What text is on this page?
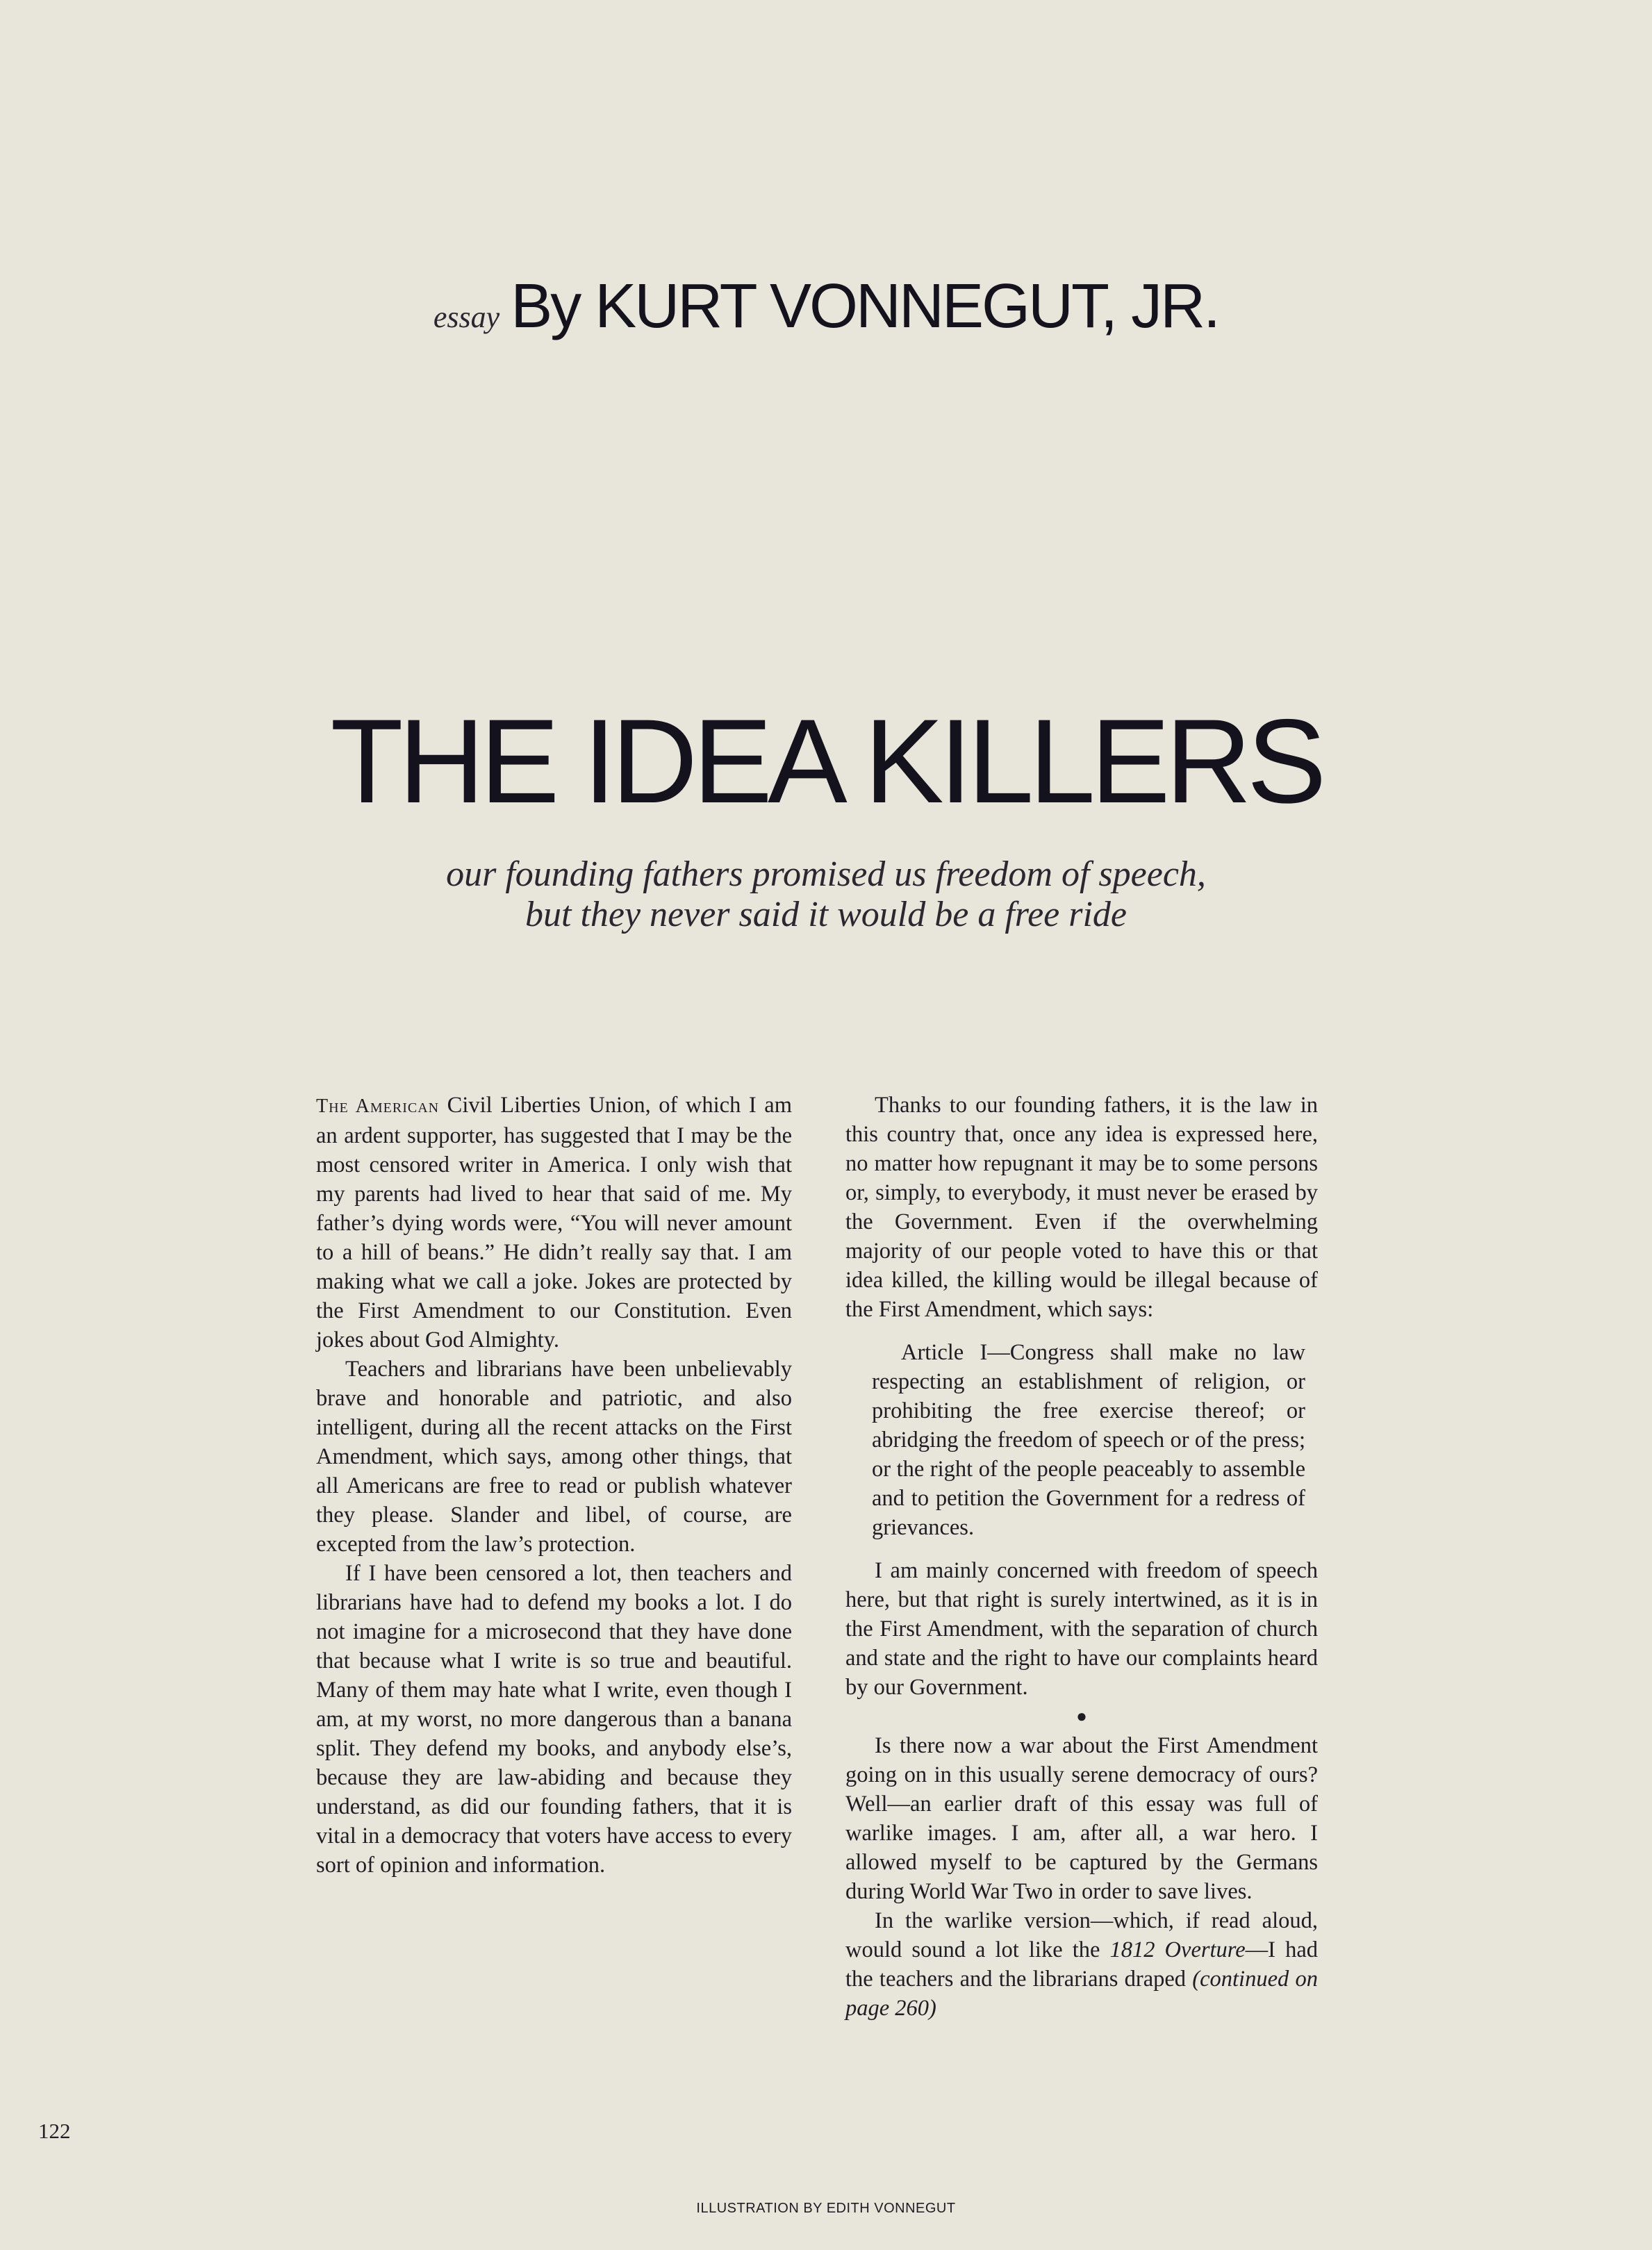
essay By KURT VONNEGUT, JR.
THE IDEA KILLERS
our founding fathers promised us freedom of speech,
but they never said it would be a free ride

The American Civil Liberties Union, of which I am an ardent supporter, has suggested that I may be the most censored writer in America. I only wish that my parents had lived to hear that said of me. My father’s dying words were, “You will never amount to a hill of beans.” He didn’t really say that. I am making what we call a joke. Jokes are protected by the First Amendment to our Constitution. Even jokes about God Almighty.

Teachers and librarians have been unbelievably brave and honorable and patriotic, and also intelligent, during all the recent attacks on the First Amendment, which says, among other things, that all Americans are free to read or publish whatever they please. Slander and libel, of course, are excepted from the law’s protection.

If I have been censored a lot, then teachers and librarians have had to defend my books a lot. I do not imagine for a microsecond that they have done that because what I write is so true and beautiful. Many of them may hate what I write, even though I am, at my worst, no more dangerous than a banana split. They defend my books, and anybody else’s, because they are law-abiding and because they understand, as did our founding fathers, that it is vital in a democracy that voters have access to every sort of opinion and information.

Thanks to our founding fathers, it is the law in this country that, once any idea is expressed here, no matter how repugnant it may be to some persons or, simply, to everybody, it must never be erased by the Government. Even if the overwhelming majority of our people voted to have this or that idea killed, the killing would be illegal because of the First Amendment, which says:

Article I—Congress shall make no law respecting an establishment of religion, or prohibiting the free exercise thereof; or abridging the freedom of speech or of the press; or the right of the people peaceably to assemble and to petition the Government for a redress of grievances.

I am mainly concerned with freedom of speech here, but that right is surely intertwined, as it is in the First Amendment, with the separation of church and state and the right to have our complaints heard by our Government.

●

Is there now a war about the First Amendment going on in this usually serene democracy of ours? Well—an earlier draft of this essay was full of warlike images. I am, after all, a war hero. I allowed myself to be captured by the Germans during World War Two in order to save lives.

In the warlike version—which, if read aloud, would sound a lot like the 1812 Overture—I had the teachers and the librarians draped (continued on page 260)

122
ILLUSTRATION BY EDITH VONNEGUT
